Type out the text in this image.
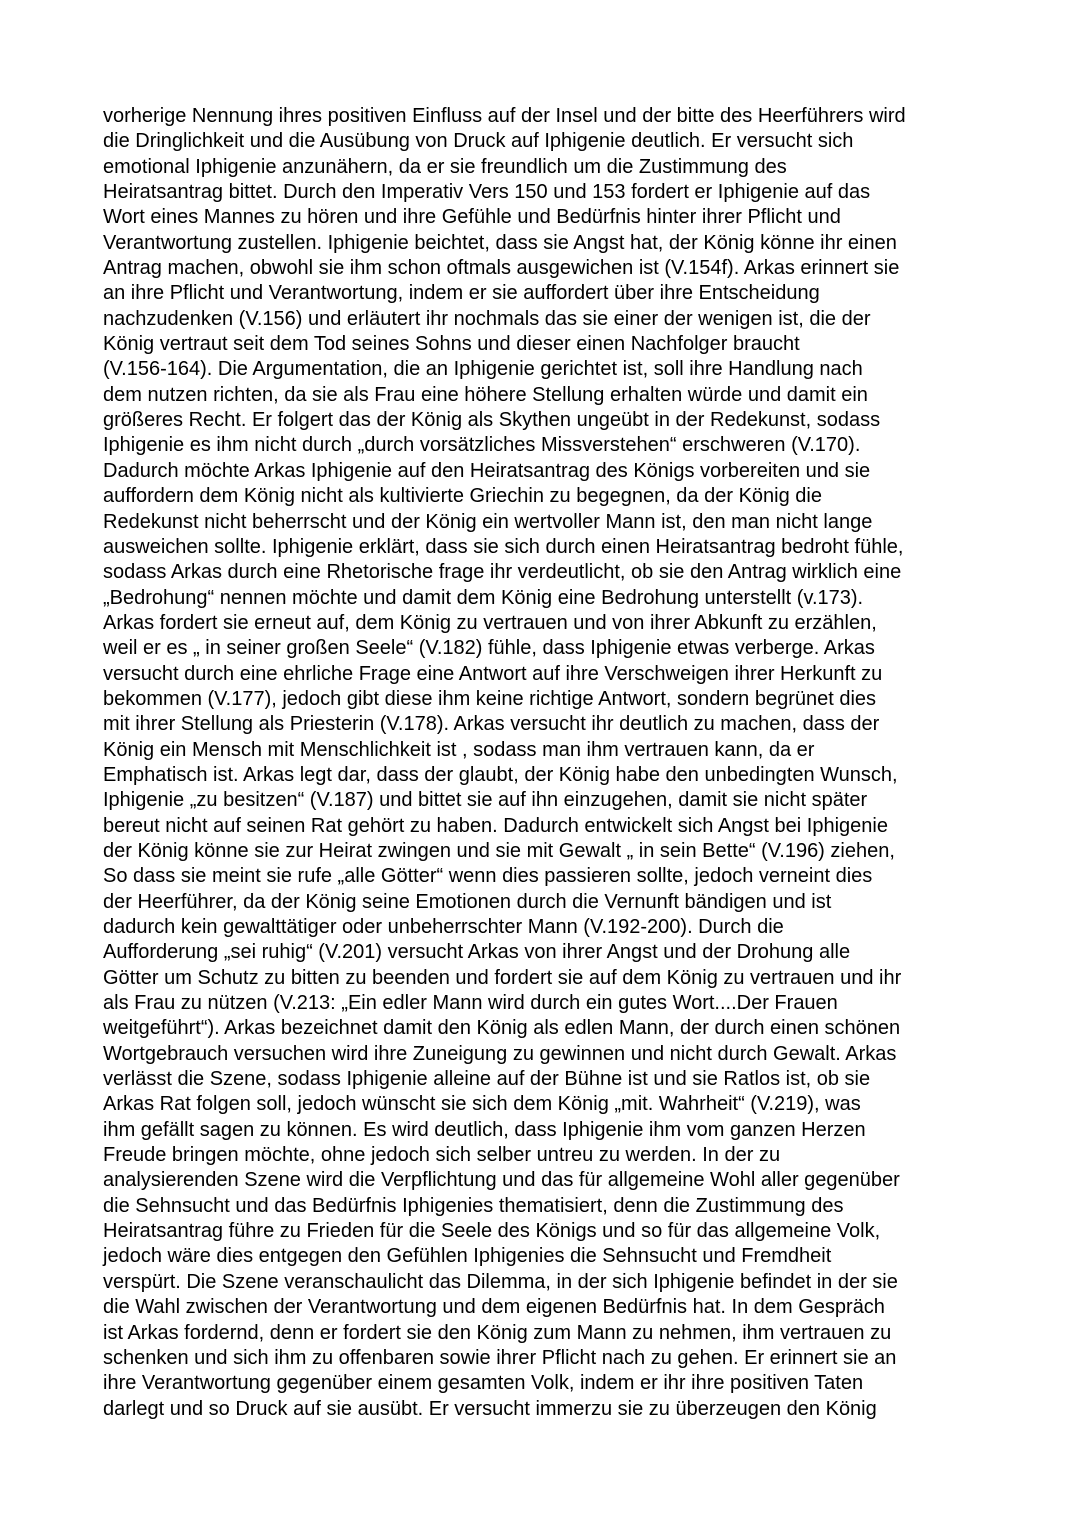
vorherige Nennung ihres positiven Einfluss auf der Insel und der bitte des Heerführers wird
die Dringlichkeit und die Ausübung von Druck auf Iphigenie deutlich. Er versucht sich
emotional Iphigenie anzunähern, da er sie freundlich um die Zustimmung des
Heiratsantrag bittet. Durch den Imperativ Vers 150 und 153 fordert er Iphigenie auf das
Wort eines Mannes zu hören und ihre Gefühle und Bedürfnis hinter ihrer Pflicht und
Verantwortung zustellen. Iphigenie beichtet, dass sie Angst hat, der König könne ihr einen
Antrag machen, obwohl sie ihm schon oftmals ausgewichen ist (V.154f). Arkas erinnert sie
an ihre Pflicht und Verantwortung, indem er sie auffordert über ihre Entscheidung
nachzudenken (V.156) und erläutert ihr nochmals das sie einer der wenigen ist, die der
König vertraut seit dem Tod seines Sohns und dieser einen Nachfolger braucht
(V.156-164). Die Argumentation, die an Iphigenie gerichtet ist, soll ihre Handlung nach
dem nutzen richten, da sie als Frau eine höhere Stellung erhalten würde und damit ein
größeres Recht. Er folgert das der König als Skythen ungeübt in der Redekunst, sodass
Iphigenie es ihm nicht durch „durch vorsätzliches Missverstehen“ erschweren (V.170).
Dadurch möchte Arkas Iphigenie auf den Heiratsantrag des Königs vorbereiten und sie
auffordern dem König nicht als kultivierte Griechin zu begegnen, da der König die
Redekunst nicht beherrscht und der König ein wertvoller Mann ist, den man nicht lange
ausweichen sollte. Iphigenie erklärt, dass sie sich durch einen Heiratsantrag bedroht fühle,
sodass Arkas durch eine Rhetorische frage ihr verdeutlicht, ob sie den Antrag wirklich eine
„Bedrohung“ nennen möchte und damit dem König eine Bedrohung unterstellt (v.173).
Arkas fordert sie erneut auf, dem König zu vertrauen und von ihrer Abkunft zu erzählen,
weil er es „ in seiner großen Seele“ (V.182) fühle, dass Iphigenie etwas verberge. Arkas
versucht durch eine ehrliche Frage eine Antwort auf ihre Verschweigen ihrer Herkunft zu
bekommen (V.177), jedoch gibt diese ihm keine richtige Antwort, sondern begrünet dies
mit ihrer Stellung als Priesterin (V.178). Arkas versucht ihr deutlich zu machen, dass der
König ein Mensch mit Menschlichkeit ist , sodass man ihm vertrauen kann, da er
Emphatisch ist. Arkas legt dar, dass der glaubt, der König habe den unbedingten Wunsch,
Iphigenie „zu besitzen“ (V.187) und bittet sie auf ihn einzugehen, damit sie nicht später
bereut nicht auf seinen Rat gehört zu haben. Dadurch entwickelt sich Angst bei Iphigenie
der König könne sie zur Heirat zwingen und sie mit Gewalt „ in sein Bette“ (V.196) ziehen,
So dass sie meint sie rufe „alle Götter“ wenn dies passieren sollte, jedoch verneint dies
der Heerführer, da der König seine Emotionen durch die Vernunft bändigen und ist
dadurch kein gewalttätiger oder unbeherrschter Mann (V.192-200). Durch die
Aufforderung „sei ruhig“ (V.201) versucht Arkas von ihrer Angst und der Drohung alle
Götter um Schutz zu bitten zu beenden und fordert sie auf dem König zu vertrauen und ihr
als Frau zu nützen (V.213: „Ein edler Mann wird durch ein gutes Wort....Der Frauen
weitgeführt“). Arkas bezeichnet damit den König als edlen Mann, der durch einen schönen
Wortgebrauch versuchen wird ihre Zuneigung zu gewinnen und nicht durch Gewalt. Arkas
verlässt die Szene, sodass Iphigenie alleine auf der Bühne ist und sie Ratlos ist, ob sie
Arkas Rat folgen soll, jedoch wünscht sie sich dem König „mit. Wahrheit“ (V.219), was
ihm gefällt sagen zu können. Es wird deutlich, dass Iphigenie ihm vom ganzen Herzen
Freude bringen möchte, ohne jedoch sich selber untreu zu werden. In der zu
analysierenden Szene wird die Verpflichtung und das für allgemeine Wohl aller gegenüber
die Sehnsucht und das Bedürfnis Iphigenies thematisiert, denn die Zustimmung des
Heiratsantrag führe zu Frieden für die Seele des Königs und so für das allgemeine Volk,
jedoch wäre dies entgegen den Gefühlen Iphigenies die Sehnsucht und Fremdheit
verspürt. Die Szene veranschaulicht das Dilemma, in der sich Iphigenie befindet in der sie
die Wahl zwischen der Verantwortung und dem eigenen Bedürfnis hat. In dem Gespräch
ist Arkas fordernd, denn er fordert sie den König zum Mann zu nehmen, ihm vertrauen zu
schenken und sich ihm zu offenbaren sowie ihrer Pflicht nach zu gehen. Er erinnert sie an
ihre Verantwortung gegenüber einem gesamten Volk, indem er ihr ihre positiven Taten
darlegt und so Druck auf sie ausübt. Er versucht immerzu sie zu überzeugen den König
